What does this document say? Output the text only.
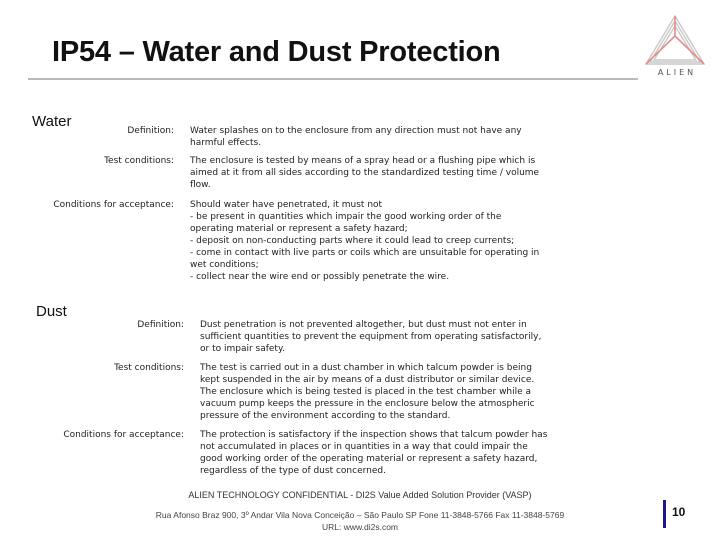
IP54 – Water and Dust Protection
ALIEN
Water
Definition: Water splashes on to the enclosure from any direction must not have any
harmful effects.
Test conditions: The enclosure is tested by means of a spray head or a flushing pipe which is
aimed at it from all sides according to the standardized testing time / volume
flow.
Conditions for acceptance: Should water have penetrated, it must not
- be present in quantities which impair the good working order of the
operating material or represent a safety hazard;
- deposit on non-conducting parts where it could lead to creep currents;
- come in contact with live parts or coils which are unsuitable for operating in
wet conditions;
- collect near the wire end or possibly penetrate the wire.
Dust
Definition: Dust penetration is not prevented altogether, but dust must not enter in
sufficient quantities to prevent the equipment from operating satisfactorily,
or to impair safety.
Test conditions: The test is carried out in a dust chamber in which talcum powder is being
kept suspended in the air by means of a dust distributor or similar device.
The enclosure which is being tested is placed in the test chamber while a
vacuum pump keeps the pressure in the enclosure below the atmospheric
pressure of the environment according to the standard.
Conditions for acceptance: The protection is satisfactory if the inspection shows that talcum powder has
not accumulated in places or in quantities in a way that could impair the
good working order of the operating material or represent a safety hazard,
regardless of the type of dust concerned.
ALIEN TECHNOLOGY CONFIDENTIAL - DI2S Value Added Solution Provider (VASP)
Rua Afonso Braz 900, 3º Andar Vila Nova Conceição – São Paulo SP Fone 11-3848-5766 Fax 11-3848-5769
URL: www.di2s.com
10
